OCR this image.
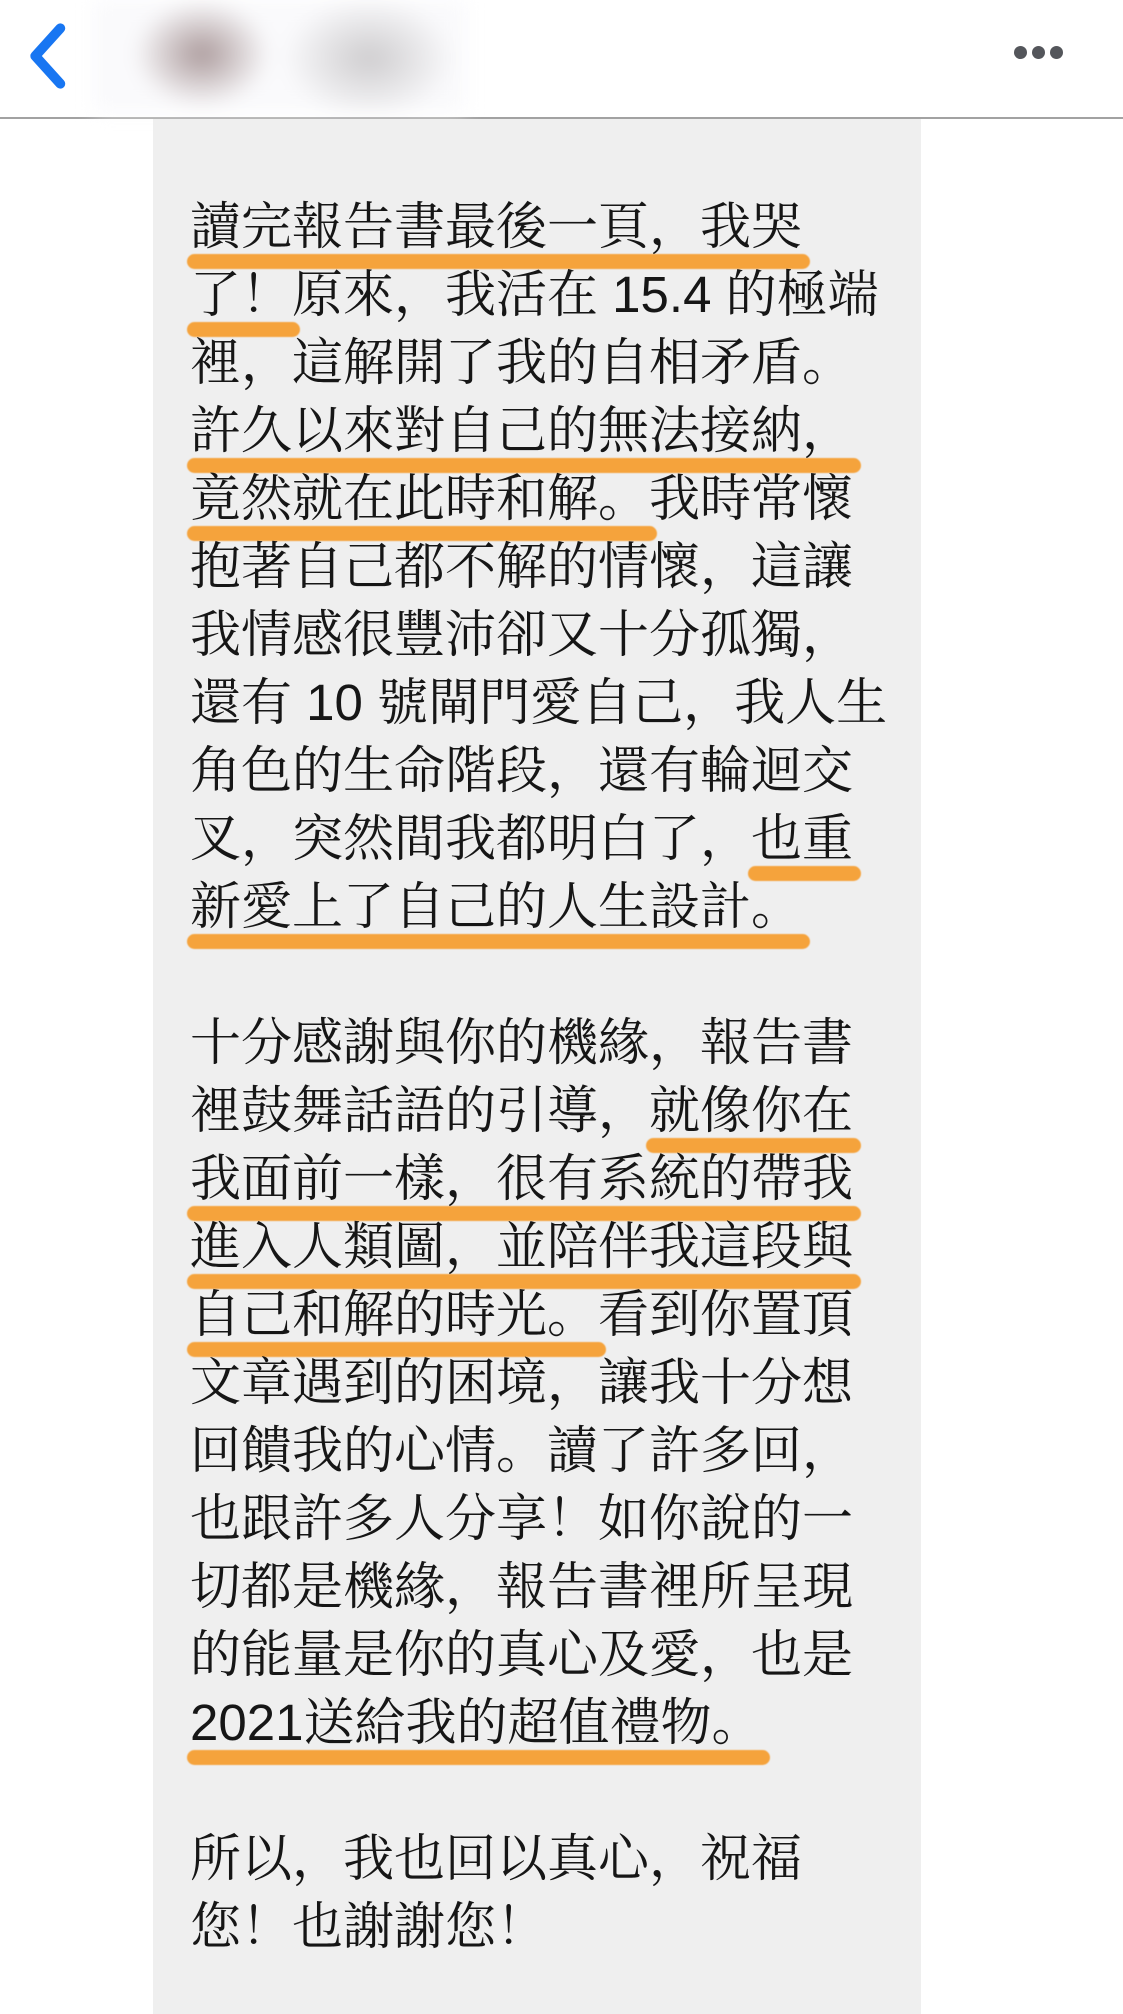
讀完報告書最後一頁，我哭
了！原來，我活在 15.4 的極端
裡，這解開了我的自相矛盾。
許久以來對自己的無法接納，
竟然就在此時和解。我時常懷
抱著自己都不解的情懷，這讓
我情感很豐沛卻又十分孤獨，
還有 10 號閘門愛自己，我人生
角色的生命階段，還有輪迴交
叉，突然間我都明白了，也重
新愛上了自己的人生設計。
十分感謝與你的機緣，報告書
裡鼓舞話語的引導，就像你在
我面前一樣，很有系統的帶我
進入人類圖，並陪伴我這段與
自己和解的時光。看到你置頂
文章遇到的困境，讓我十分想
回饋我的心情。讀了許多回，
也跟許多人分享！如你說的一
切都是機緣，報告書裡所呈現
的能量是你的真心及愛，也是
2021送給我的超值禮物。
所以，我也回以真心，祝福
您！也謝謝您！
